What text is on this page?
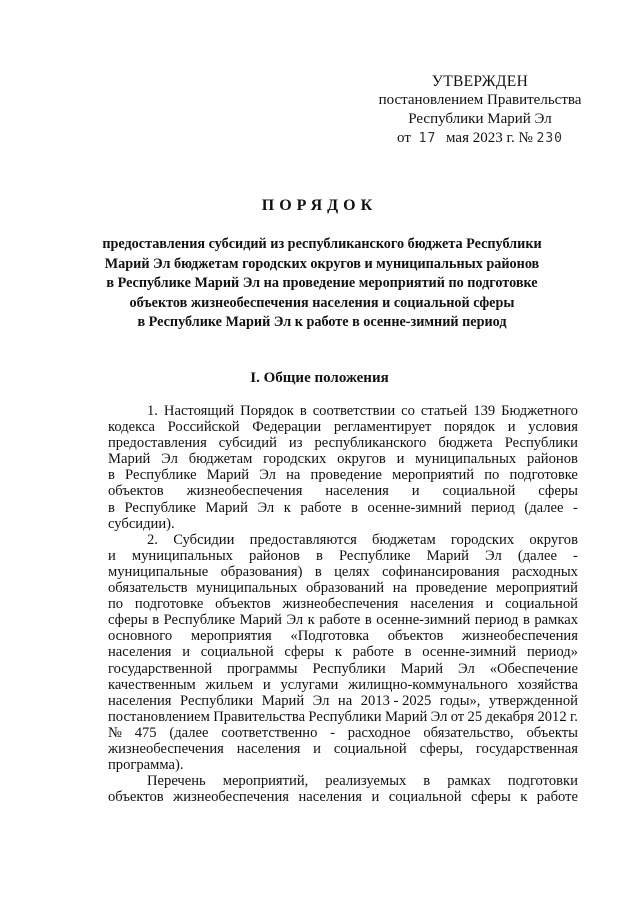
УТВЕРЖДЕН
постановлением Правительства
Республики Марий Эл
от 17 мая 2023 г. № 230
ПОРЯДОК
предоставления субсидий из республиканского бюджета Республики
Марий Эл бюджетам городских округов и муниципальных районов
в Республике Марий Эл на проведение мероприятий по подготовке
объектов жизнеобеспечения населения и социальной сферы
в Республике Марий Эл к работе в осенне-зимний период
I. Общие положения
1. Настоящий Порядок в соответствии со статьей 139 Бюджетного
кодекса Российской Федерации регламентирует порядок и условия
предоставления субсидий из республиканского бюджета Республики
Марий Эл бюджетам городских округов и муниципальных районов
в Республике Марий Эл на проведение мероприятий по подготовке
объектов жизнеобеспечения населения и социальной сферы
в Республике Марий Эл к работе в осенне-зимний период (далее -
субсидии).
2. Субсидии предоставляются бюджетам городских округов
и муниципальных районов в Республике Марий Эл (далее -
муниципальные образования) в целях софинансирования расходных
обязательств муниципальных образований на проведение мероприятий
по подготовке объектов жизнеобеспечения населения и социальной
сферы в Республике Марий Эл к работе в осенне-зимний период в рамках
основного мероприятия «Подготовка объектов жизнеобеспечения
населения и социальной сферы к работе в осенне-зимний период»
государственной программы Республики Марий Эл «Обеспечение
качественным жильем и услугами жилищно-коммунального хозяйства
населения Республики Марий Эл на 2013 - 2025 годы», утвержденной
постановлением Правительства Республики Марий Эл от 25 декабря 2012 г.
№ 475 (далее соответственно - расходное обязательство, объекты
жизнеобеспечения населения и социальной сферы, государственная
программа).
Перечень мероприятий, реализуемых в рамках подготовки
объектов жизнеобеспечения населения и социальной сферы к работе
